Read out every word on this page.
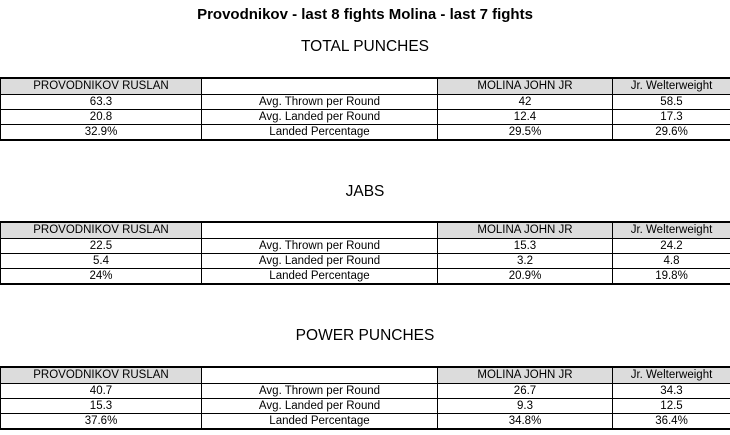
Provodnikov - last 8 fights Molina - last 7 fights
TOTAL PUNCHES
PROVODNIKOV RUSLAN		MOLINA JOHN JR	Jr. Welterweight
63.3	Avg. Thrown per Round	42	58.5
20.8	Avg. Landed per Round	12.4	17.3
32.9%	Landed Percentage	29.5%	29.6%
JABS
PROVODNIKOV RUSLAN		MOLINA JOHN JR	Jr. Welterweight
22.5	Avg. Thrown per Round	15.3	24.2
5.4	Avg. Landed per Round	3.2	4.8
24%	Landed Percentage	20.9%	19.8%
POWER PUNCHES
PROVODNIKOV RUSLAN		MOLINA JOHN JR	Jr. Welterweight
40.7	Avg. Thrown per Round	26.7	34.3
15.3	Avg. Landed per Round	9.3	12.5
37.6%	Landed Percentage	34.8%	36.4%
